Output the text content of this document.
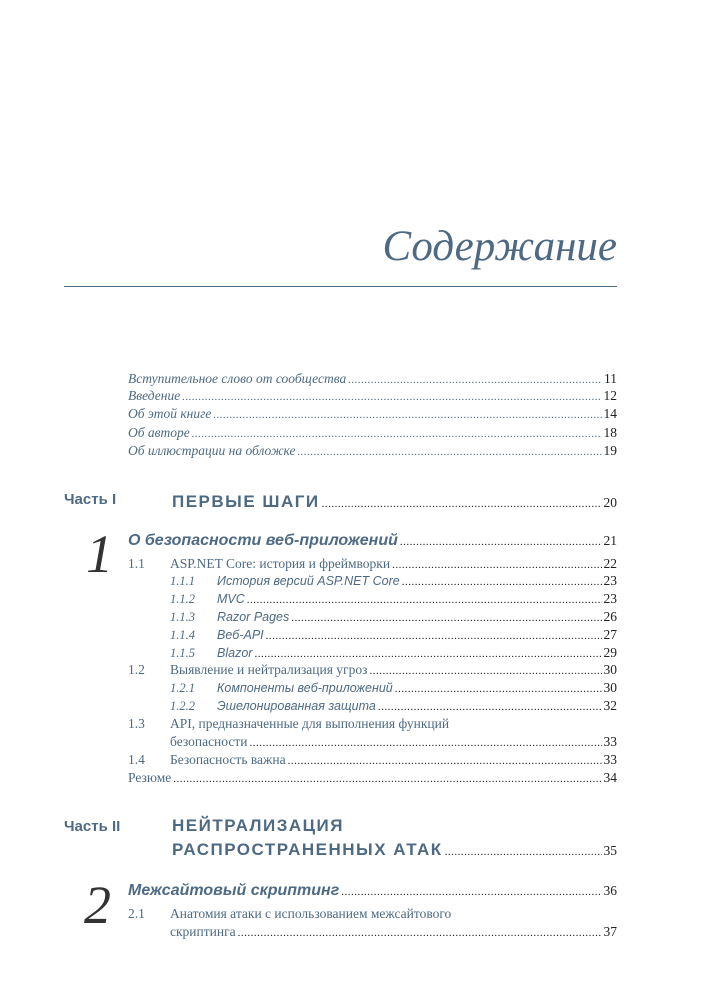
Содержание
Вступительное слово от сообщества .....	11
Введение .....	12
Об этой книге .....	14
Об авторе .....	18
Об иллюстрации на обложке .....	19
Часть I	ПЕРВЫЕ ШАГИ .....	20
1 О безопасности веб-приложений .....	21
1.1 ASP.NET Core: история и фреймворки .....	22
1.1.1 История версий ASP.NET Core .....	23
1.1.2 MVC .....	23
1.1.3 Razor Pages .....	26
1.1.4 Веб-API .....	27
1.1.5 Blazor .....	29
1.2 Выявление и нейтрализация угроз .....	30
1.2.1 Компоненты веб-приложений .....	30
1.2.2 Эшелонированная защита .....	32
1.3 API, предназначенные для выполнения функций
безопасности .....	33
1.4 Безопасность важна .....	33
Резюме .....	34
Часть II	НЕЙТРАЛИЗАЦИЯ
РАСПРОСТРАНЕННЫХ АТАК .....	35
2 Межсайтовый скриптинг .....	36
2.1 Анатомия атаки с использованием межсайтового
скриптинга .....	37
